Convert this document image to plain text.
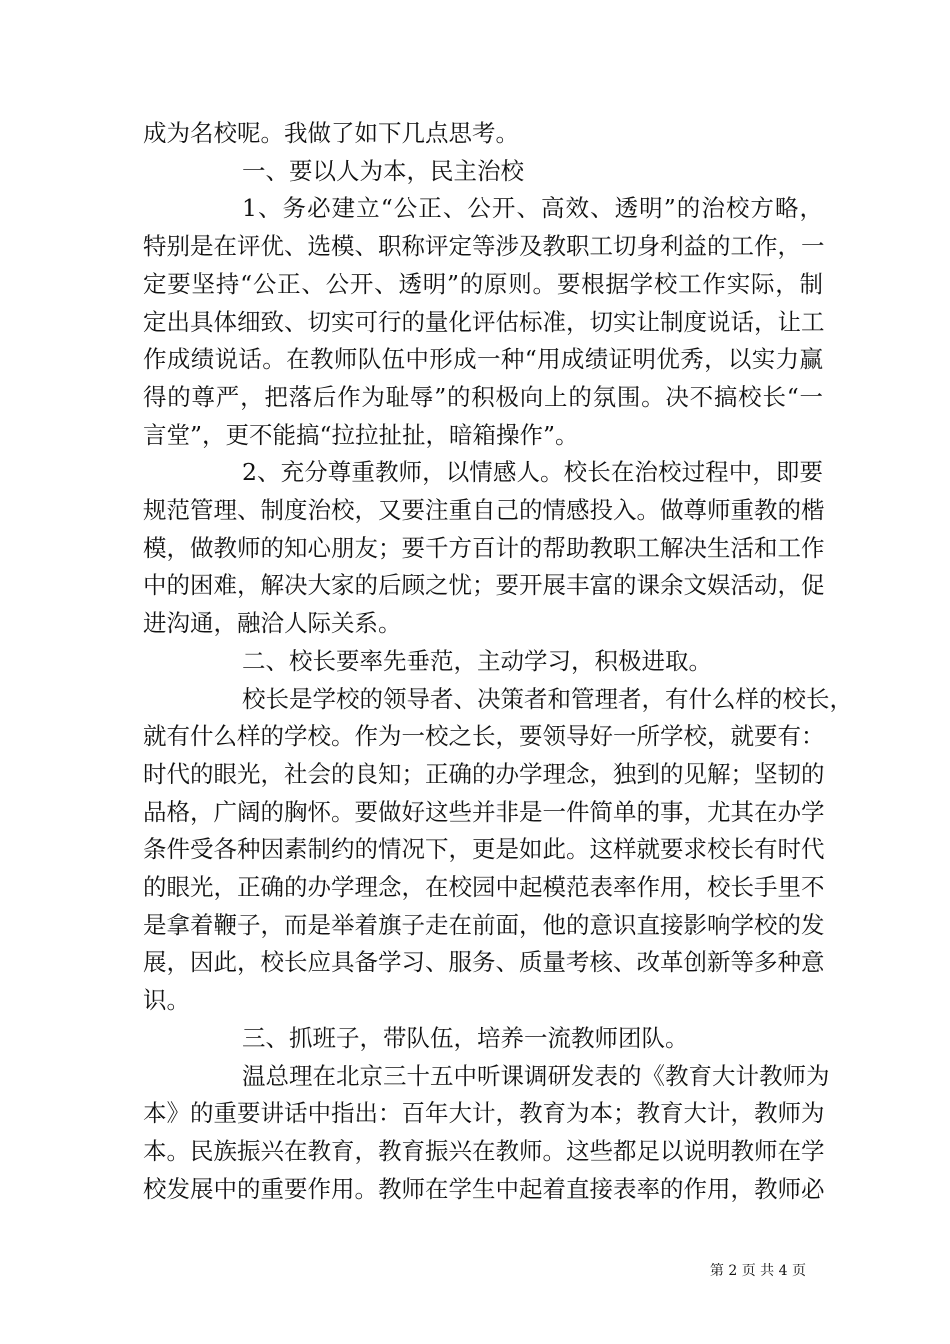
成为名校呢。我做了如下几点思考。
一、要以人为本，民主治校
1、务必建立“公正、公开、高效、透明”的治校方略，
特别是在评优、选模、职称评定等涉及教职工切身利益的工作，一
定要坚持“公正、公开、透明”的原则。要根据学校工作实际，制
定出具体细致、切实可行的量化评估标准，切实让制度说话，让工
作成绩说话。在教师队伍中形成一种“用成绩证明优秀，以实力赢
得的尊严，把落后作为耻辱”的积极向上的氛围。决不搞校长“一
言堂”，更不能搞“拉拉扯扯，暗箱操作”。
2、充分尊重教师，以情感人。校长在治校过程中，即要
规范管理、制度治校，又要注重自己的情感投入。做尊师重教的楷
模，做教师的知心朋友；要千方百计的帮助教职工解决生活和工作
中的困难，解决大家的后顾之忧；要开展丰富的课余文娱活动，促
进沟通，融洽人际关系。
二、校长要率先垂范，主动学习，积极进取。
校长是学校的领导者、决策者和管理者，有什么样的校长，
就有什么样的学校。作为一校之长，要领导好一所学校，就要有：
时代的眼光，社会的良知；正确的办学理念，独到的见解；坚韧的
品格，广阔的胸怀。要做好这些并非是一件简单的事，尤其在办学
条件受各种因素制约的情况下，更是如此。这样就要求校长有时代
的眼光，正确的办学理念，在校园中起模范表率作用，校长手里不
是拿着鞭子，而是举着旗子走在前面，他的意识直接影响学校的发
展，因此，校长应具备学习、服务、质量考核、改革创新等多种意
识。
三、抓班子，带队伍，培养一流教师团队。
温总理在北京三十五中听课调研发表的《教育大计教师为
本》的重要讲话中指出：百年大计，教育为本；教育大计，教师为
本。民族振兴在教育，教育振兴在教师。这些都足以说明教师在学
校发展中的重要作用。教师在学生中起着直接表率的作用，教师必
第 2 页 共 4 页
